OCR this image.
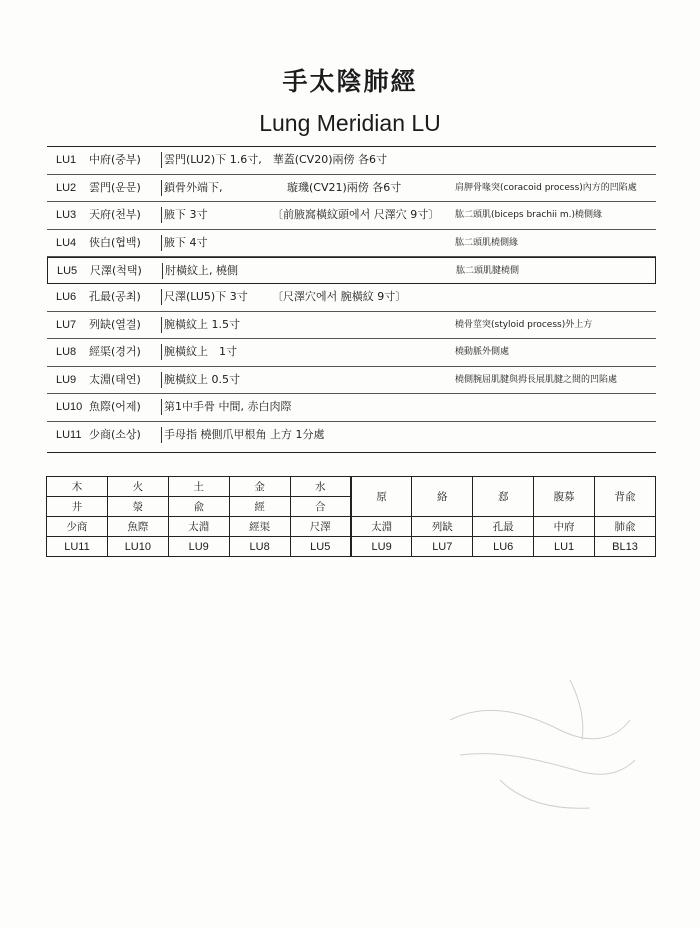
手太陰肺經
Lung Meridian LU
LU1 中府(중부) 雲門(LU2)下 1.6寸,　華蓋(CV20)兩傍 各6寸
LU2 雲門(운문) 鎖骨外端下,	璇璣(CV21)兩傍 各6寸	肩胛骨喙突(coracoid process)內方的凹陷處
LU3 天府(천부) 腋下 3寸	〔前腋窩橫紋頭에서 尺澤穴 9寸〕 肱二頭肌(biceps brachii m.)橈側緣
LU4 俠白(협백) 腋下 4寸	肱二頭肌橈側緣
LU5 尺澤(척택) 肘橫紋上, 橈側	肱二頭肌腱橈側
LU6 孔最(공최) 尺澤(LU5)下 3寸 〔尺澤穴에서 腕橫紋 9寸〕
LU7 列缺(열결) 腕橫紋上 1.5寸	橈骨莖突(styloid process)外上方
LU8 經渠(경거) 腕橫紋上　1寸	橈動脈外側處
LU9 太淵(태연) 腕橫紋上 0.5寸	橈側腕屈肌腱與拇長展肌腱之間的凹陷處
LU10 魚際(어제) 第1中手骨 中間, 赤白肉際
LU11 少商(소상) 手母指 橈側爪甲根角 上方 1分處
木	火	土	金	水	原	絡	郄	腹募	背兪
井	滎	兪	經	合					
少商	魚際	太淵	經渠	尺澤	太淵	列缺	孔最	中府	肺兪
LU11	LU10	LU9	LU8	LU5	LU9	LU7	LU6	LU1	BL13
